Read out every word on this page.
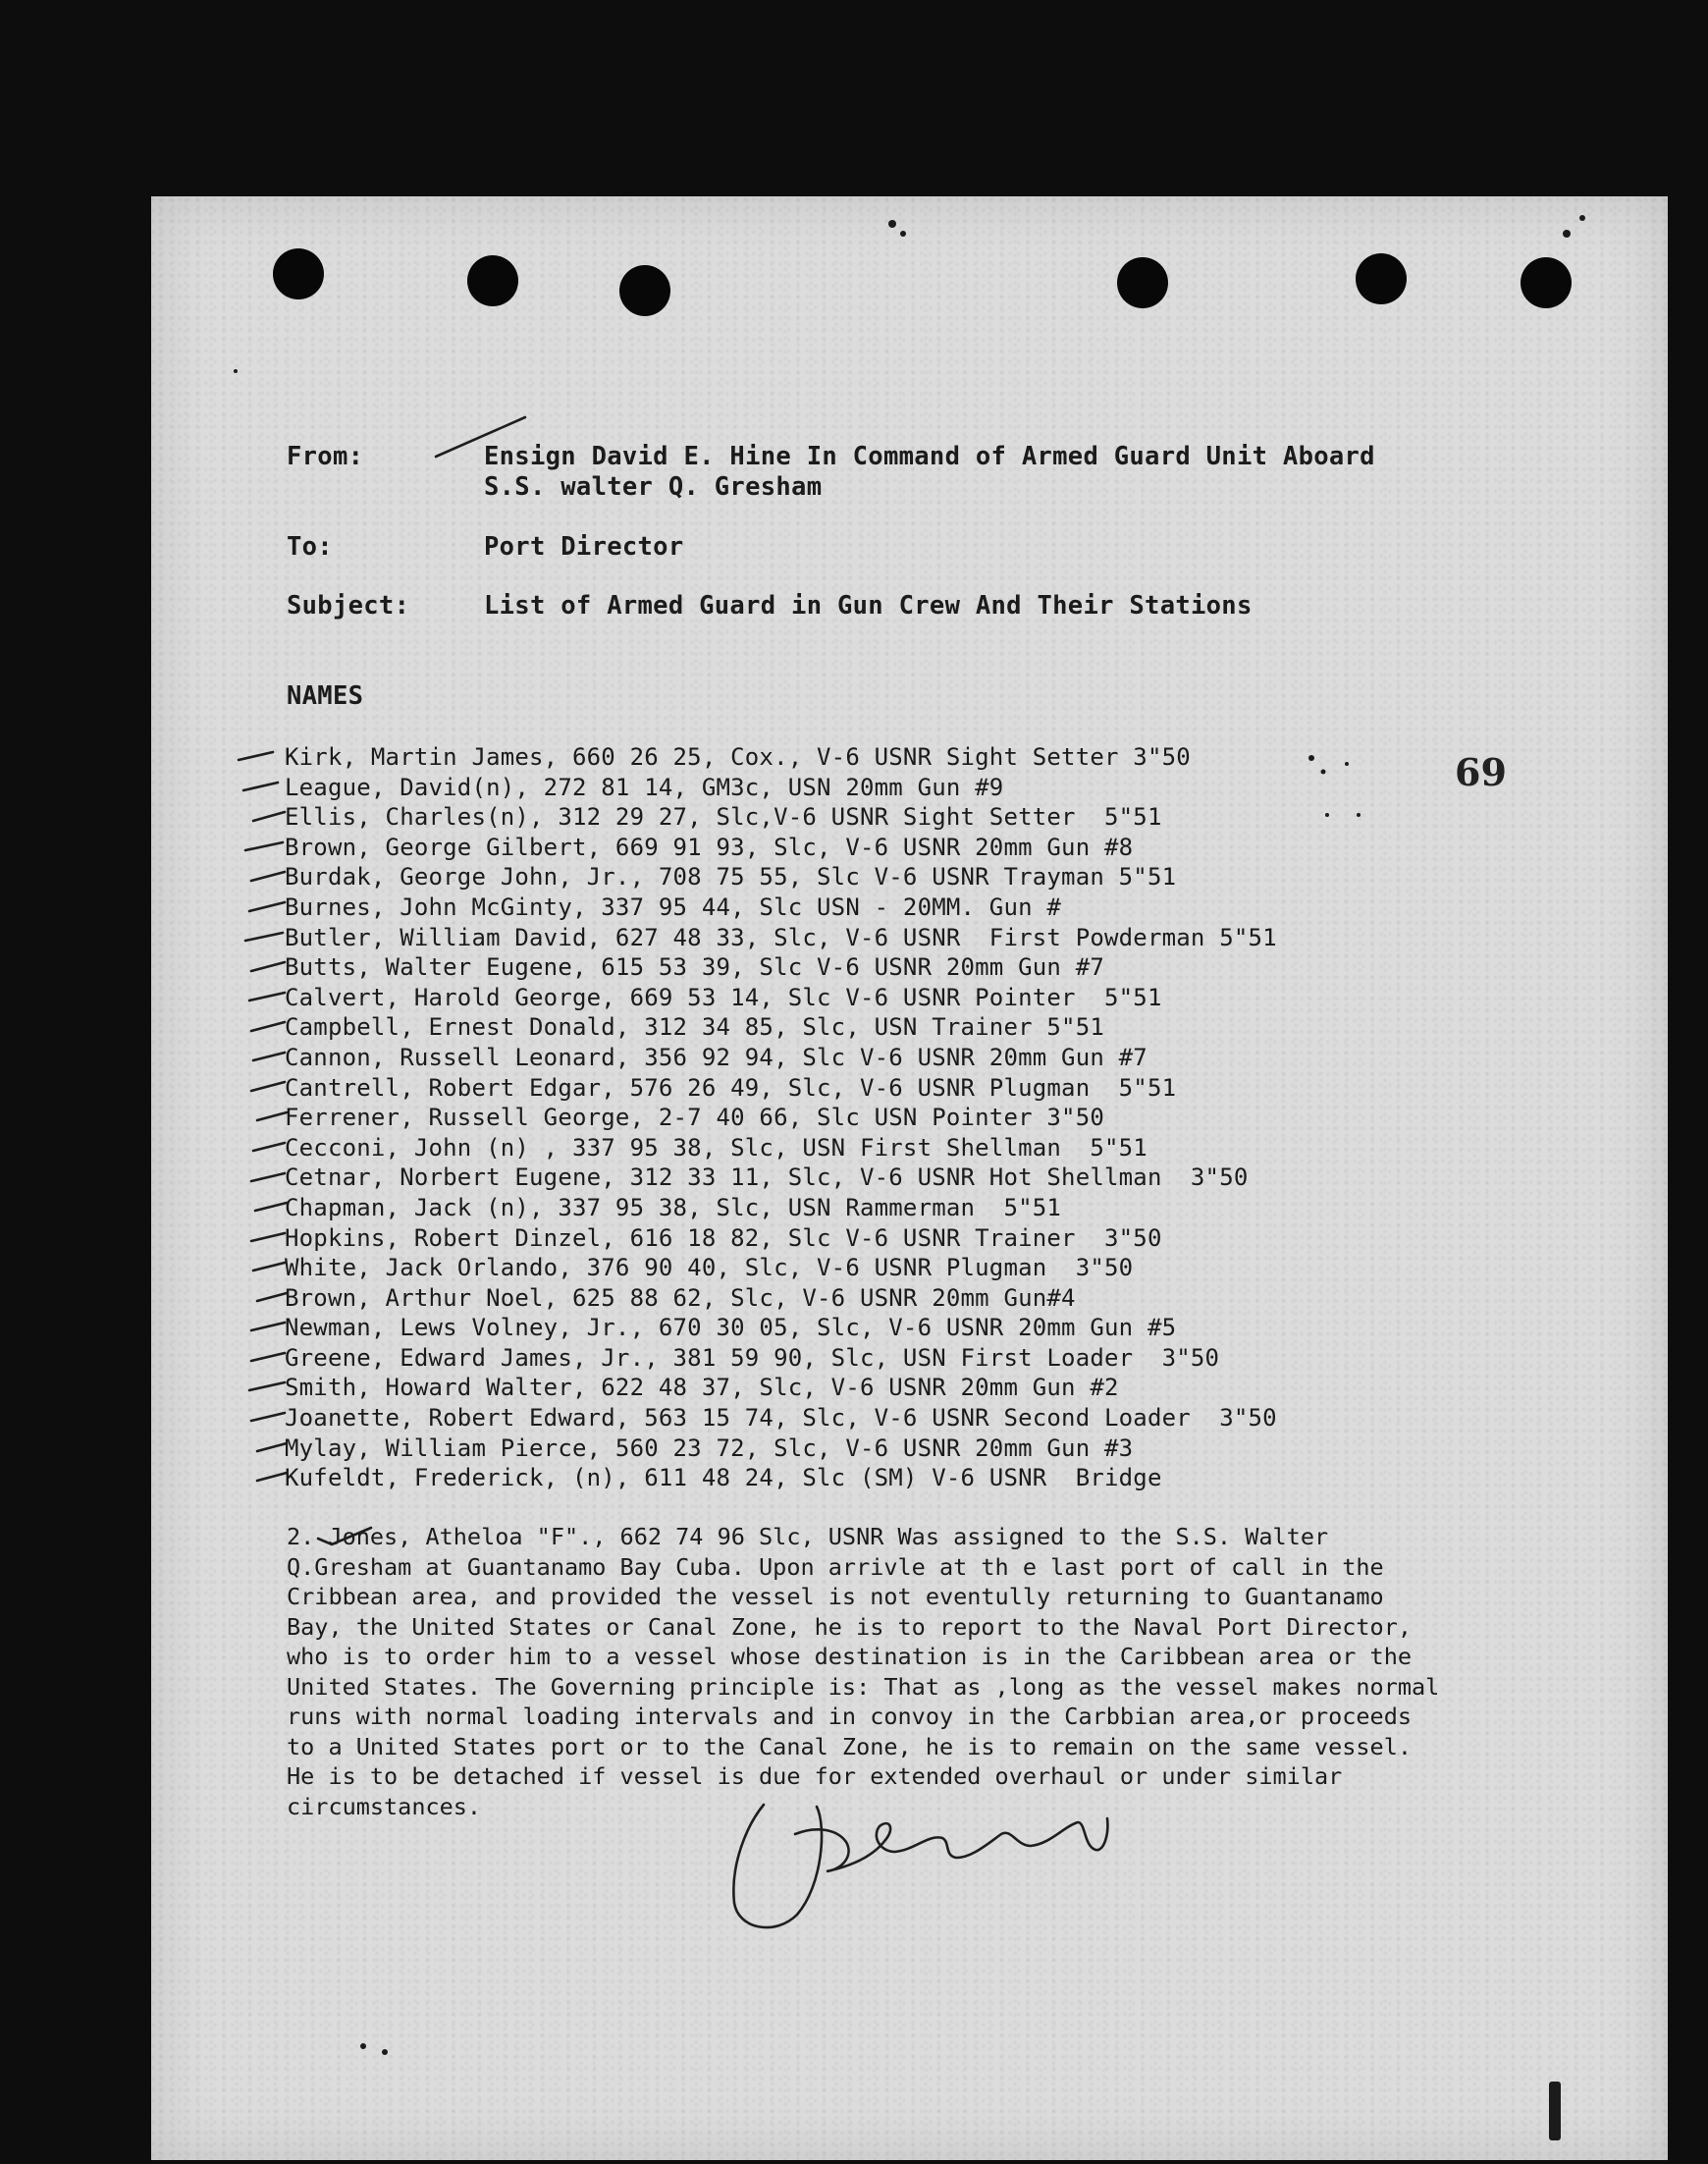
From:	Ensign David E. Hine In Command of Armed Guard Unit Aboard
S.S. walter Q. Gresham
To:	Port Director
Subject:	List of Armed Guard in Gun Crew And Their Stations
NAMES
69
Kirk, Martin James, 660 26 25, Cox., V-6 USNR Sight Setter 3"50
League, David(n), 272 81 14, GM3c, USN 20mm Gun #9
Ellis, Charles(n), 312 29 27, Slc,V-6 USNR Sight Setter  5"51
Brown, George Gilbert, 669 91 93, Slc, V-6 USNR 20mm Gun #8
Burdak, George John, Jr., 708 75 55, Slc V-6 USNR Trayman 5"51
Burnes, John McGinty, 337 95 44, Slc USN - 20MM. Gun #
Butler, William David, 627 48 33, Slc, V-6 USNR  First Powderman 5"51
Butts, Walter Eugene, 615 53 39, Slc V-6 USNR 20mm Gun #7
Calvert, Harold George, 669 53 14, Slc V-6 USNR Pointer  5"51
Campbell, Ernest Donald, 312 34 85, Slc, USN Trainer 5"51
Cannon, Russell Leonard, 356 92 94, Slc V-6 USNR 20mm Gun #7
Cantrell, Robert Edgar, 576 26 49, Slc, V-6 USNR Plugman  5"51
Ferrener, Russell George, 2-7 40 66, Slc USN Pointer 3"50
Cecconi, John (n) , 337 95 38, Slc, USN First Shellman  5"51
Cetnar, Norbert Eugene, 312 33 11, Slc, V-6 USNR Hot Shellman  3"50
Chapman, Jack (n), 337 95 38, Slc, USN Rammerman  5"51
Hopkins, Robert Dinzel, 616 18 82, Slc V-6 USNR Trainer  3"50
White, Jack Orlando, 376 90 40, Slc, V-6 USNR Plugman  3"50
Brown, Arthur Noel, 625 88 62, Slc, V-6 USNR 20mm Gun#4
Newman, Lews Volney, Jr., 670 30 05, Slc, V-6 USNR 20mm Gun #5
Greene, Edward James, Jr., 381 59 90, Slc, USN First Loader  3"50
Smith, Howard Walter, 622 48 37, Slc, V-6 USNR 20mm Gun #2
Joanette, Robert Edward, 563 15 74, Slc, V-6 USNR Second Loader  3"50
Mylay, William Pierce, 560 23 72, Slc, V-6 USNR 20mm Gun #3
Kufeldt, Frederick, (n), 611 48 24, Slc (SM) V-6 USNR  Bridge
2. Jones, Atheloa "F"., 662 74 96 Slc, USNR Was assigned to the S.S. Walter
Q.Gresham at Guantanamo Bay Cuba. Upon arrivle at th e last port of call in the
Cribbean area, and provided the vessel is not eventully returning to Guantanamo
Bay, the United States or Canal Zone, he is to report to the Naval Port Director,
who is to order him to a vessel whose destination is in the Caribbean area or the
United States. The Governing principle is: That as ,long as the vessel makes normal
runs with normal loading intervals and in convoy in the Carbbian area,or proceeds
to a United States port or to the Canal Zone, he is to remain on the same vessel.
He is to be detached if vessel is due for extended overhaul or under similar
circumstances.
